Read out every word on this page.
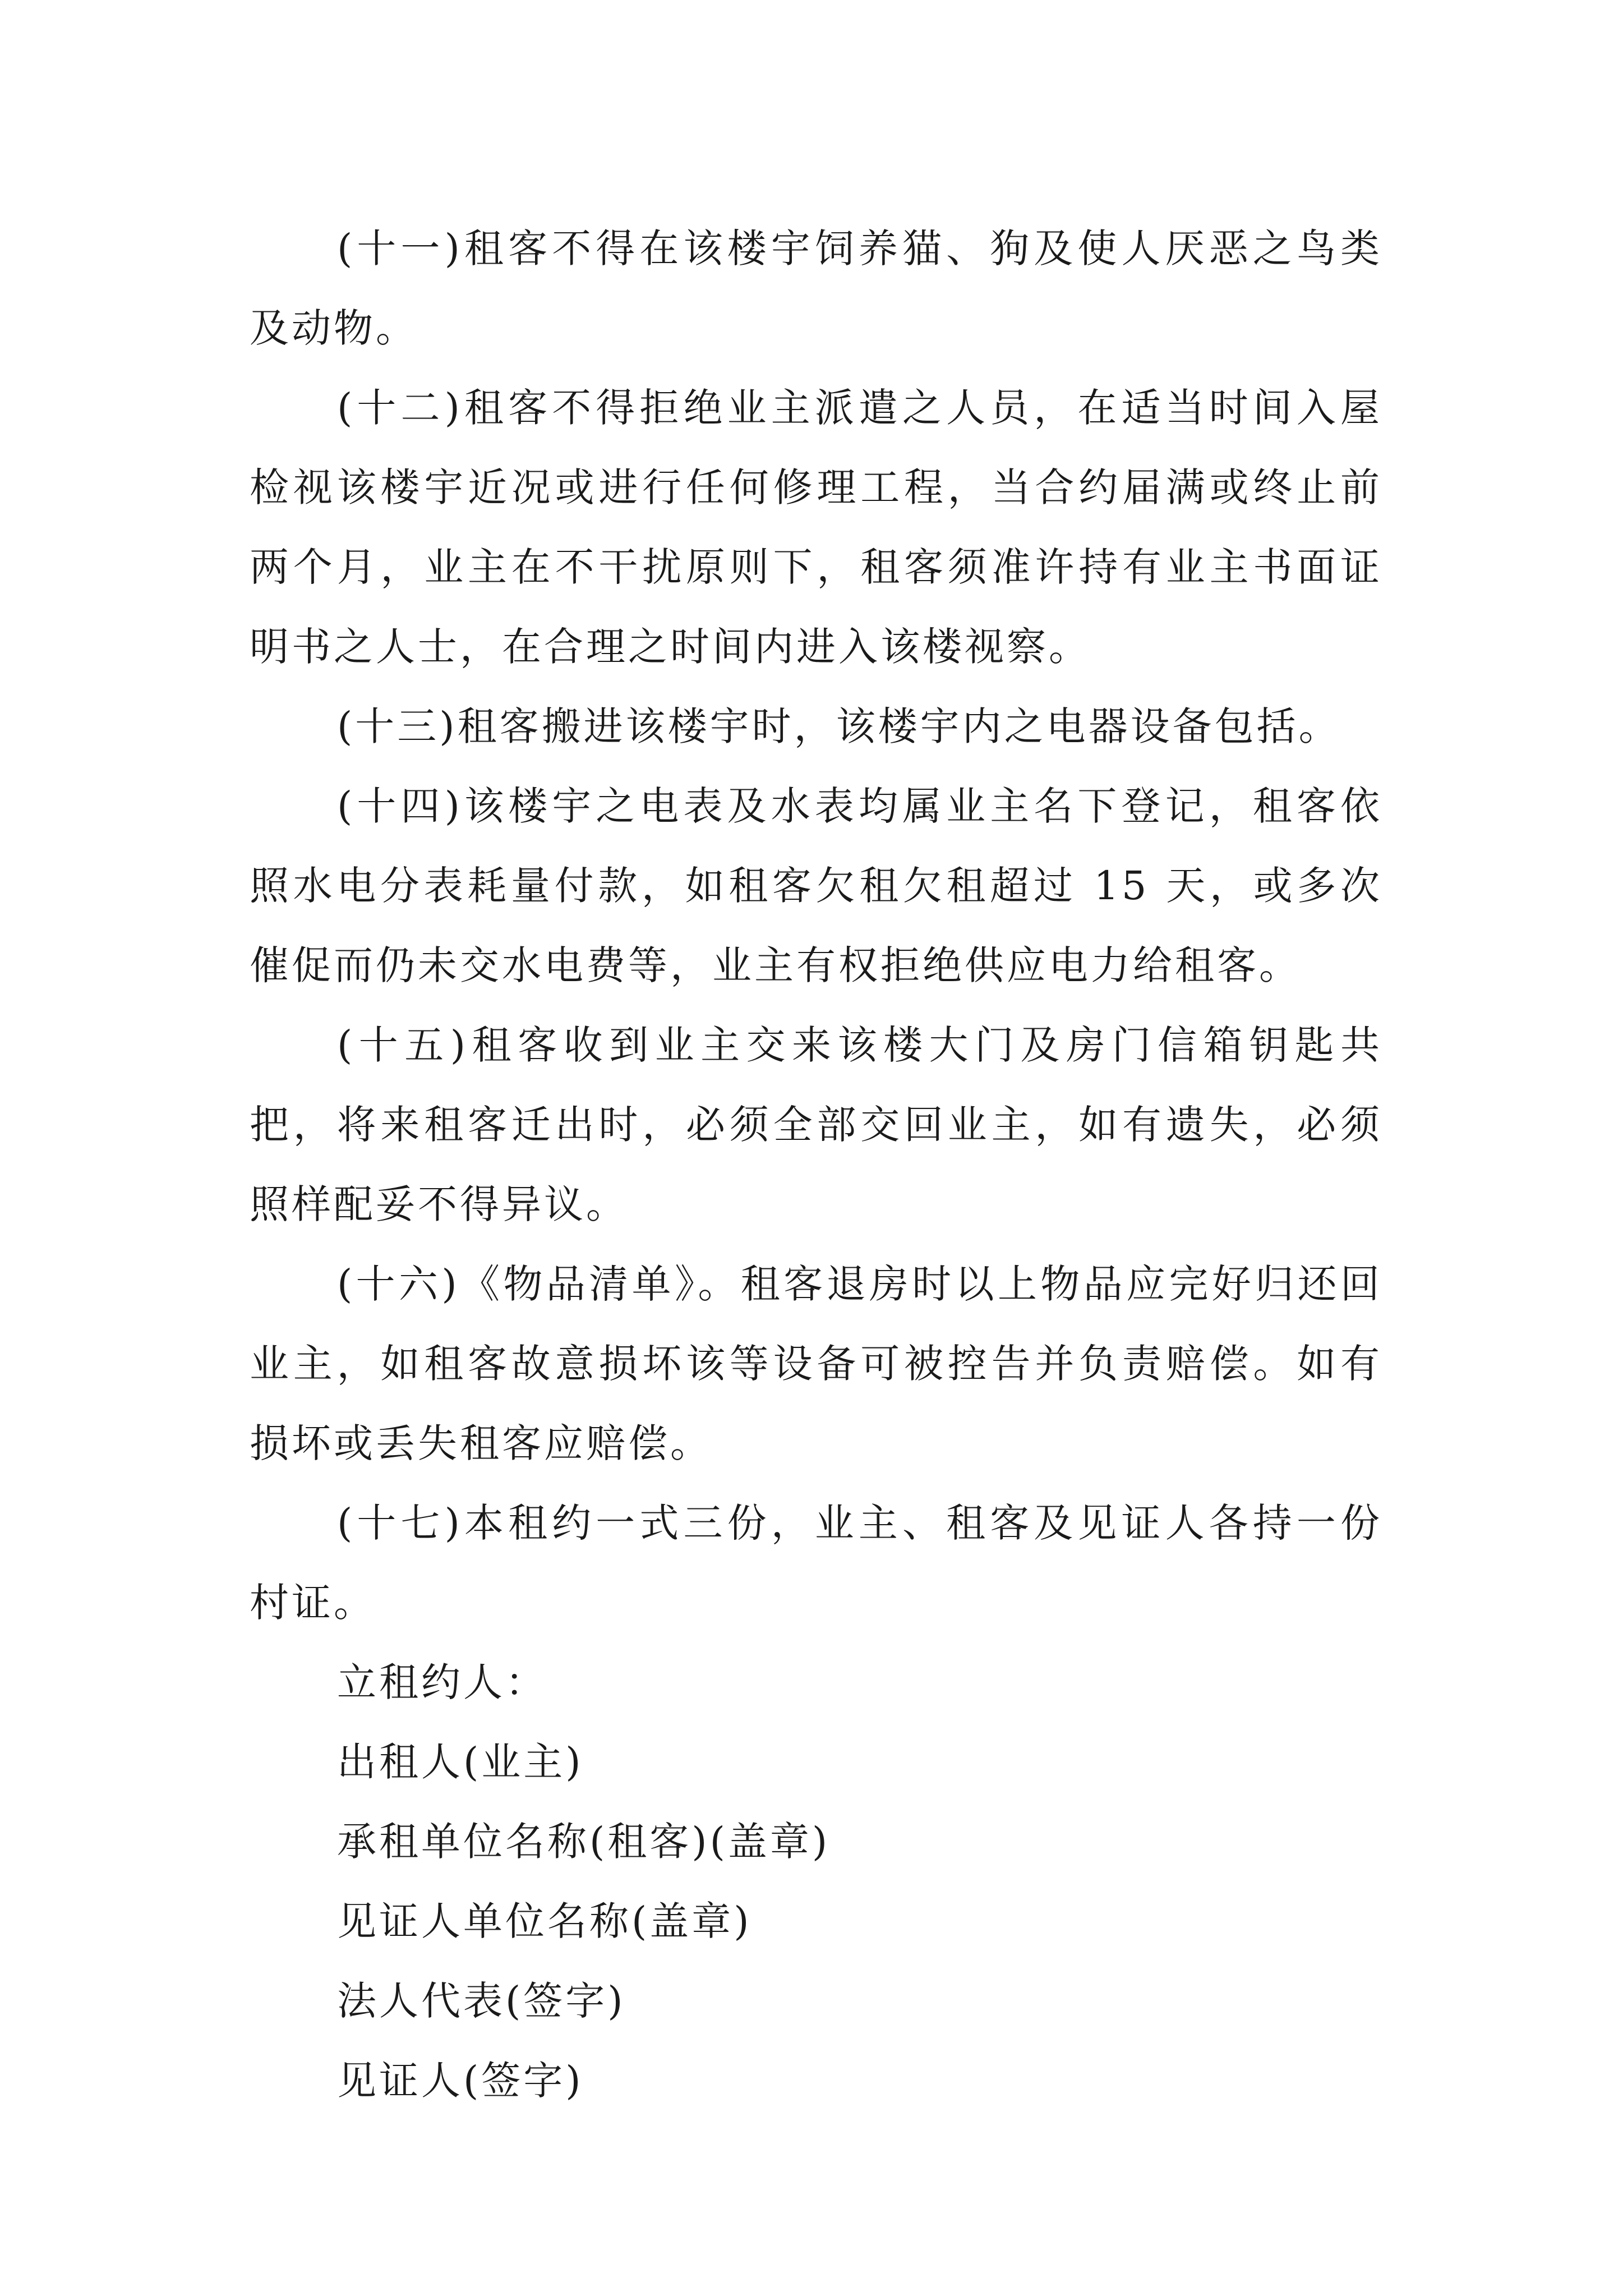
(十一)租客不得在该楼宇饲养猫、狗及使人厌恶之鸟类及动物。

(十二)租客不得拒绝业主派遣之人员，在适当时间入屋检视该楼宇近况或进行任何修理工程，当合约届满或终止前两个月，业主在不干扰原则下，租客须准许持有业主书面证明书之人士，在合理之时间内进入该楼视察。

(十三)租客搬进该楼宇时，该楼宇内之电器设备包括。

(十四)该楼宇之电表及水表均属业主名下登记，租客依照水电分表耗量付款，如租客欠租欠租超过 15 天，或多次催促而仍未交水电费等，业主有权拒绝供应电力给租客。

(十五)租客收到业主交来该楼大门及房门信箱钥匙共把，将来租客迁出时，必须全部交回业主，如有遗失，必须照样配妥不得异议。

(十六)《物品清单》。租客退房时以上物品应完好归还回业主，如租客故意损坏该等设备可被控告并负责赔偿。如有损坏或丢失租客应赔偿。

(十七)本租约一式三份，业主、租客及见证人各持一份村证。

立租约人：

出租人(业主)

承租单位名称(租客)(盖章)

见证人单位名称(盖章)

法人代表(签字)

见证人(签字)
